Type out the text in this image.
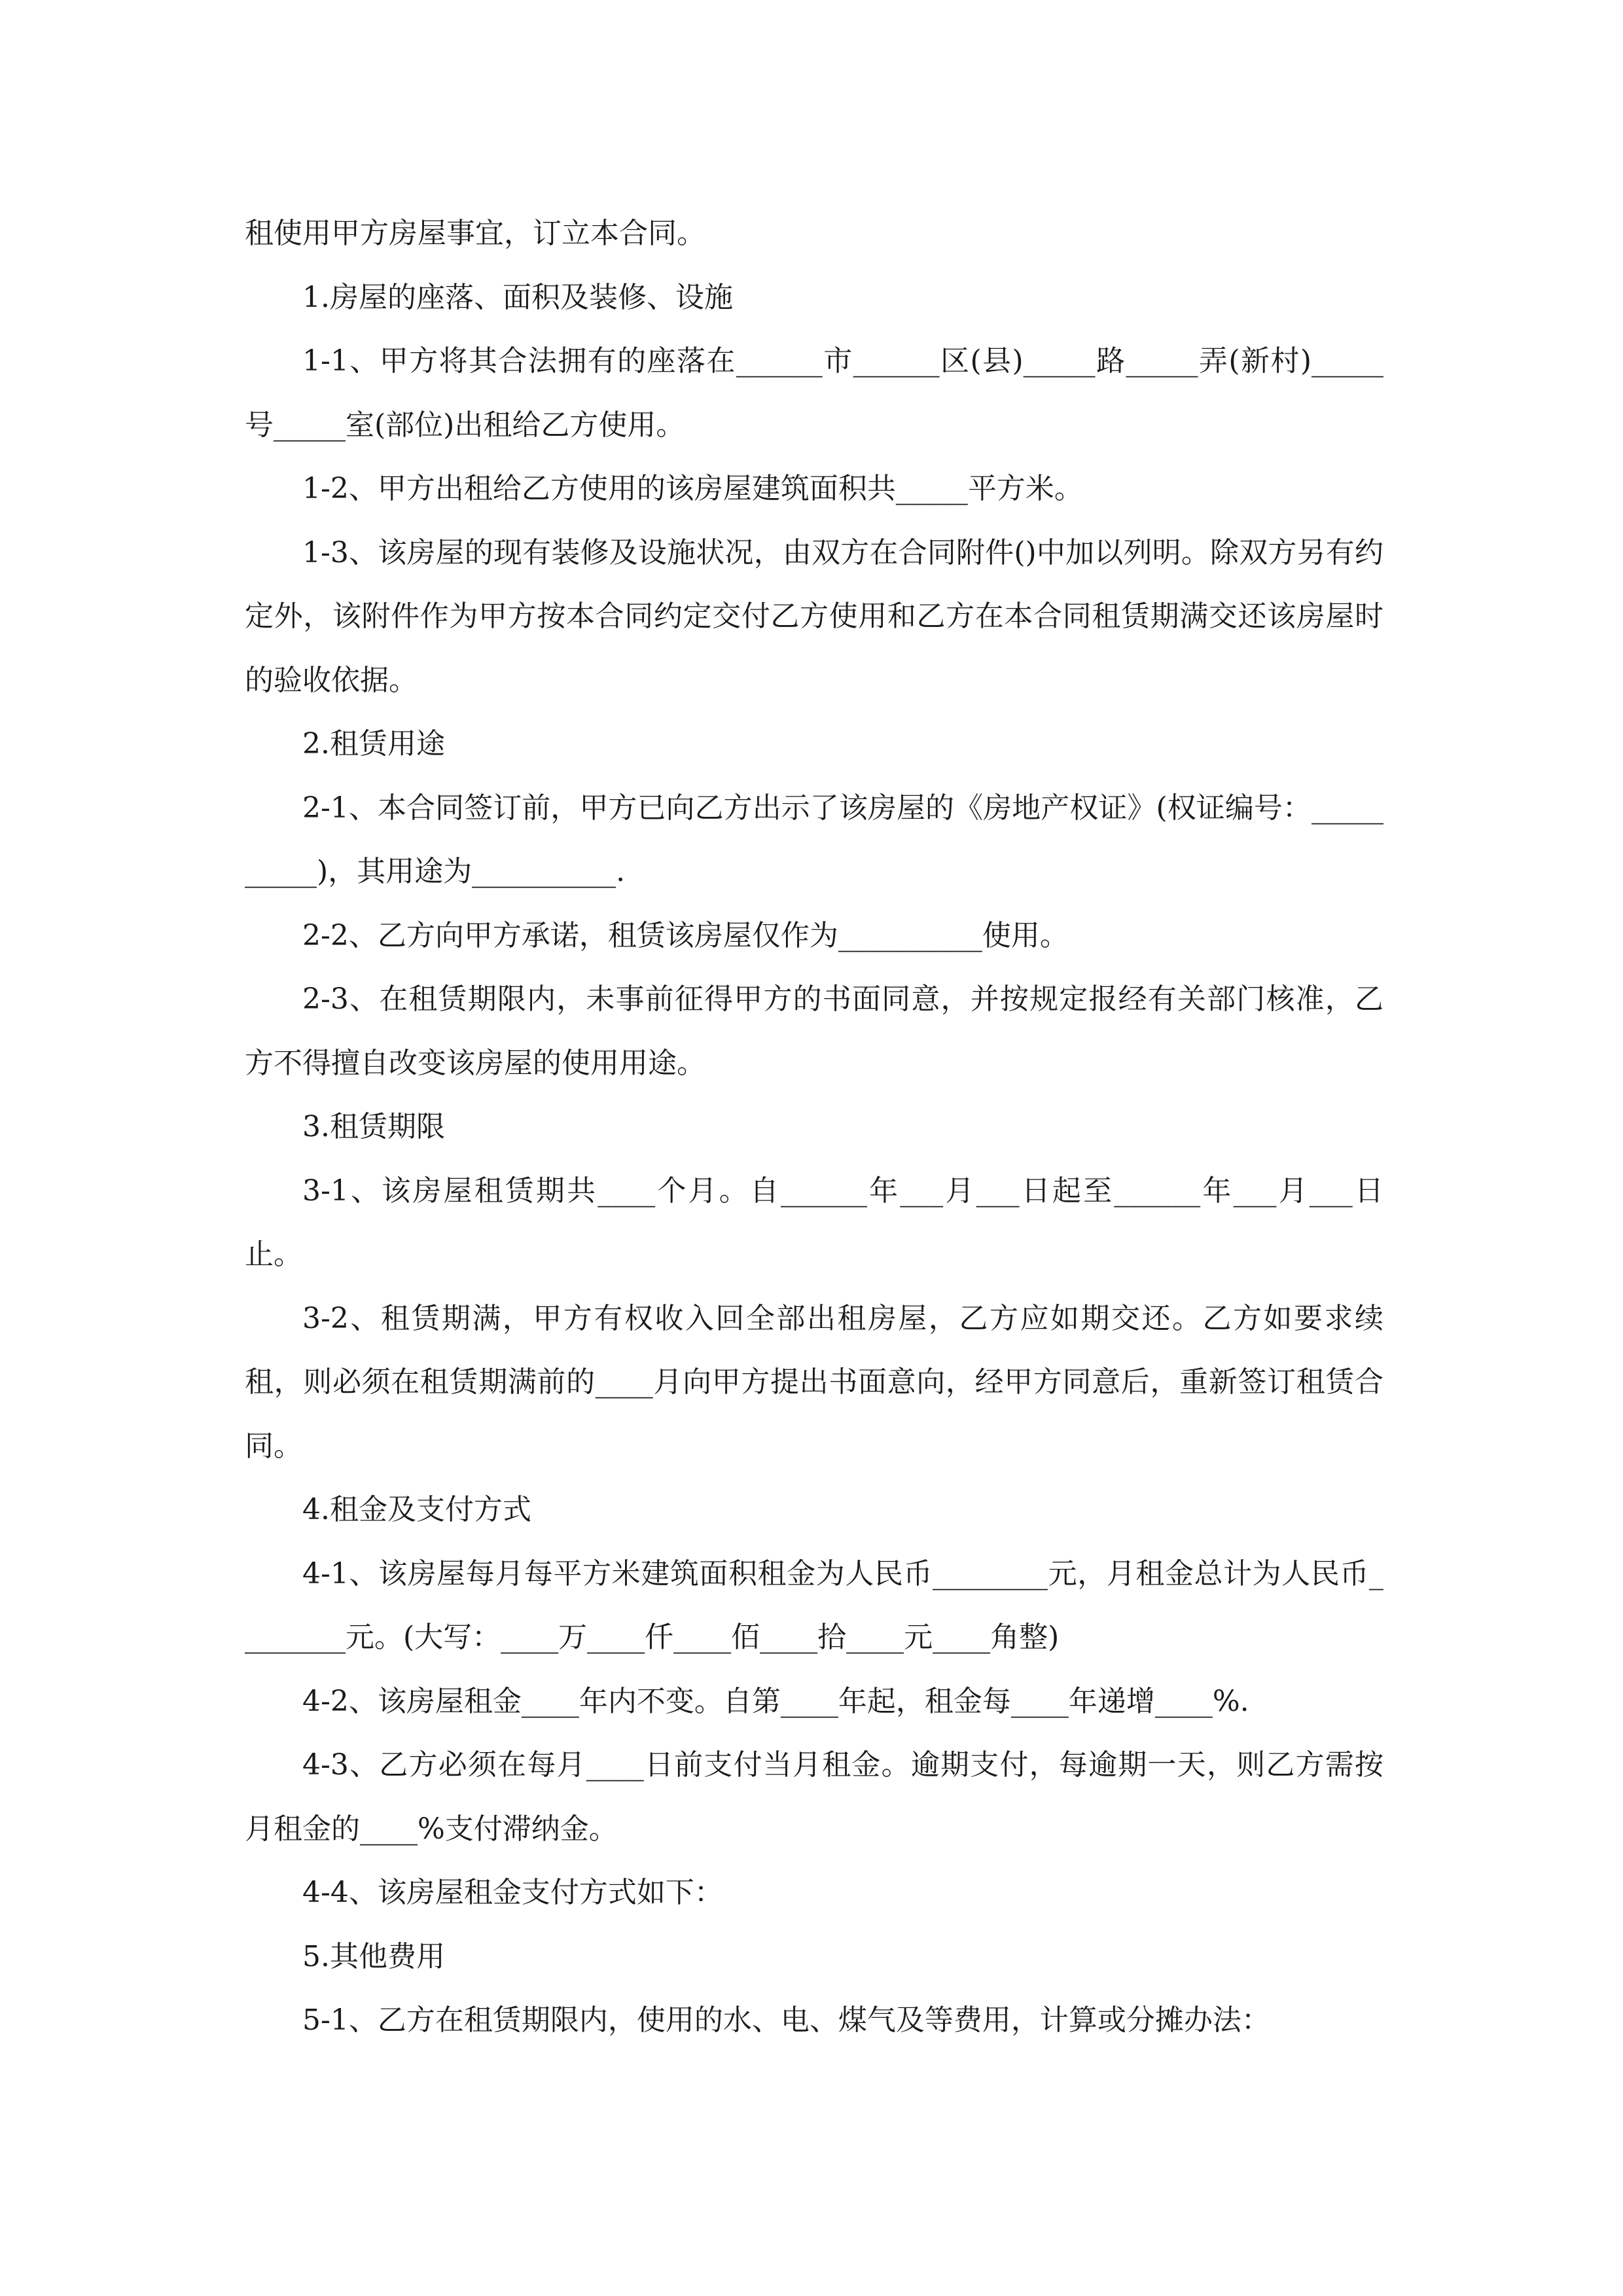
租使用甲方房屋事宜，订立本合同。

1.房屋的座落、面积及装修、设施

1-1、甲方将其合法拥有的座落在______市______区(县)_____路_____弄(新村)_____号_____室(部位)出租给乙方使用。

1-2、甲方出租给乙方使用的该房屋建筑面积共_____平方米。

1-3、该房屋的现有装修及设施状况，由双方在合同附件()中加以列明。除双方另有约定外，该附件作为甲方按本合同约定交付乙方使用和乙方在本合同租赁期满交还该房屋时的验收依据。

2.租赁用途

2-1、本合同签订前，甲方已向乙方出示了该房屋的《房地产权证》(权证编号：__________)，其用途为__________.

2-2、乙方向甲方承诺，租赁该房屋仅作为__________使用。

2-3、在租赁期限内，未事前征得甲方的书面同意，并按规定报经有关部门核准，乙方不得擅自改变该房屋的使用用途。

3.租赁期限

3-1、该房屋租赁期共____个月。自______年___月___日起至______年___月___日止。

3-2、租赁期满，甲方有权收入回全部出租房屋，乙方应如期交还。乙方如要求续租，则必须在租赁期满前的____月向甲方提出书面意向，经甲方同意后，重新签订租赁合同。

4.租金及支付方式

4-1、该房屋每月每平方米建筑面积租金为人民币________元，月租金总计为人民币________元。(大写：____万____仟____佰____拾____元____角整)

4-2、该房屋租金____年内不变。自第____年起，租金每____年递增____%.

4-3、乙方必须在每月____日前支付当月租金。逾期支付，每逾期一天，则乙方需按月租金的____%支付滞纳金。

4-4、该房屋租金支付方式如下：

5.其他费用

5-1、乙方在租赁期限内，使用的水、电、煤气及等费用，计算或分摊办法：
